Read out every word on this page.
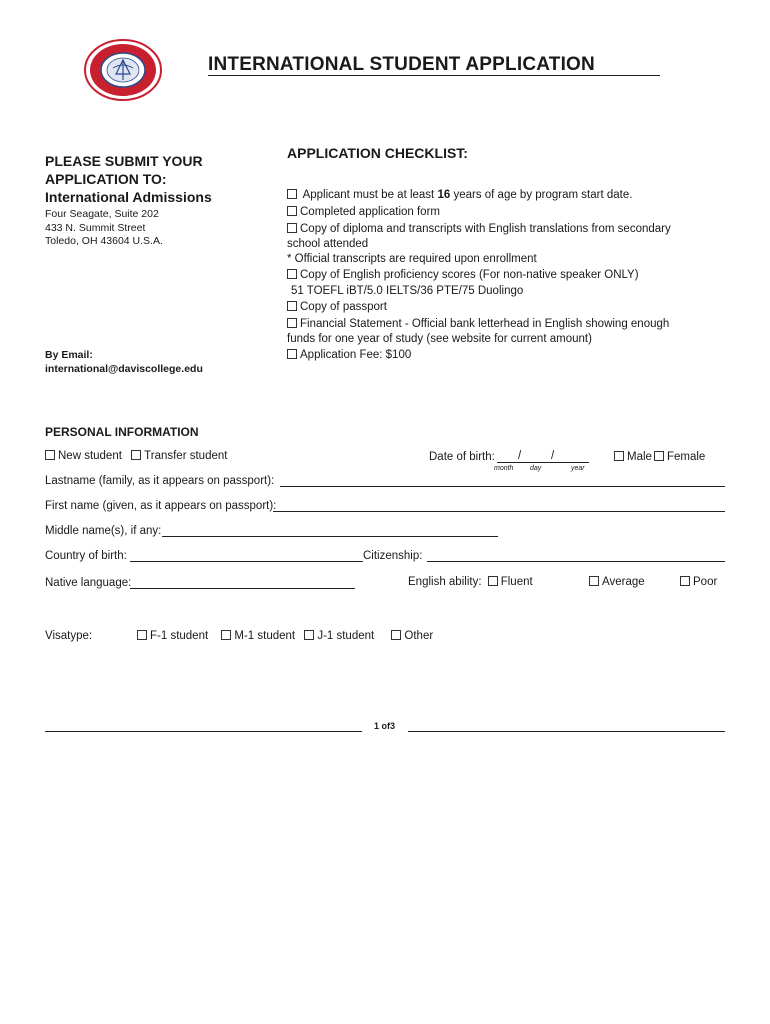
INTERNATIONAL STUDENT APPLICATION
PLEASE SUBMIT YOUR APPLICATION TO:
International Admissions
Four Seagate, Suite 202
433 N. Summit Street
Toledo, OH 43604 U.S.A.
By Email:
international@daviscollege.edu
APPLICATION CHECKLIST:
Applicant must be at least 16 years of age by program start date.
Completed application form
Copy of diploma and transcripts with English translations from secondary
school attended
* Official transcripts are required upon enrollment
Copy of English proficiency scores (For non-native speaker ONLY)
51 TOEFL iBT/5.0 IELTS/36 PTE/75 Duolingo
Copy of passport
Financial Statement - Official bank letterhead in English showing enough
funds for one year of study (see website for current amount)
Application Fee: $100
PERSONAL INFORMATION
New student Transfer student	Date of birth: /	/
month day	year
Male Female
Lastname (family, as it appears on passport):
First name (given, as it appears on passport):
Middle name(s), if any:
Country of birth:	Citizenship:
Native language:	English ability: Fluent	Average	Poor
Visatype:	F-1 student M-1 student J-1 student	Other
1 of3
